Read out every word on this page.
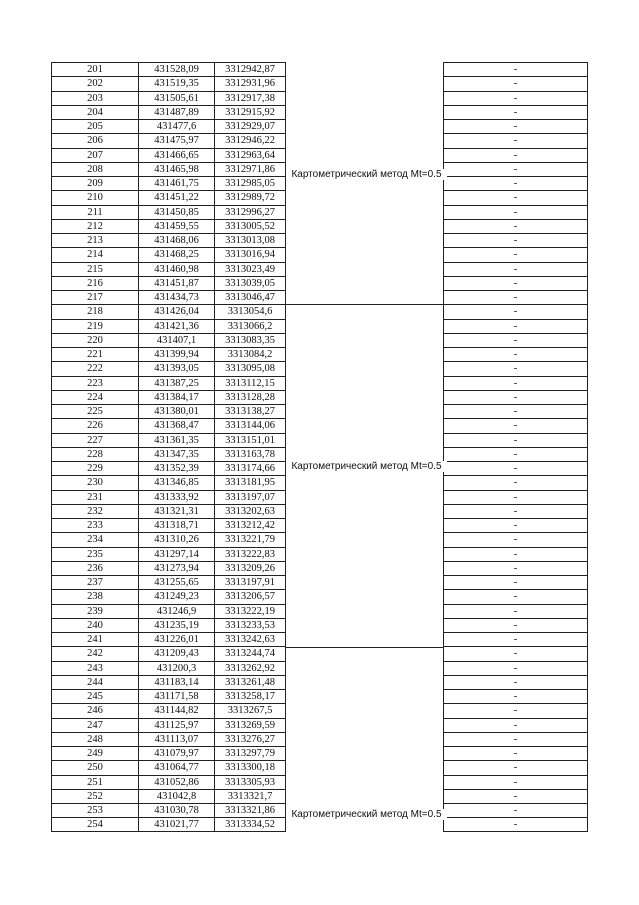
201	431528,09	3312942,87	-
202	431519,35	3312931,96	-
203	431505,61	3312917,38	-
204	431487,89	3312915,92	-
205	431477,6	3312929,07	-
206	431475,97	3312946,22	-
207	431466,65	3312963,64	-
208	431465,98	3312971,86	-
209	431461,75	3312985,05	-
210	431451,22	3312989,72	-
211	431450,85	3312996,27	-
212	431459,55	3313005,52	-
213	431468,06	3313013,08	-
214	431468,25	3313016,94	-
215	431460,98	3313023,49	-
216	431451,87	3313039,05	-
217	431434,73	3313046,47	-
218	431426,04	3313054,6	-
219	431421,36	3313066,2	-
220	431407,1	3313083,35	-
221	431399,94	3313084,2	-
222	431393,05	3313095,08	-
223	431387,25	3313112,15	-
224	431384,17	3313128,28	-
225	431380,01	3313138,27	-
226	431368,47	3313144,06	-
227	431361,35	3313151,01	-
228	431347,35	3313163,78	-
229	431352,39	3313174,66	-
230	431346,85	3313181,95	-
231	431333,92	3313197,07	-
232	431321,31	3313202,63	-
233	431318,71	3313212,42	-
234	431310,26	3313221,79	-
235	431297,14	3313222,83	-
236	431273,94	3313209,26	-
237	431255,65	3313197,91	-
238	431249,23	3313206,57	-
239	431246,9	3313222,19	-
240	431235,19	3313233,53	-
241	431226,01	3313242,63	-
242	431209,43	3313244,74	-
243	431200,3	3313262,92	-
244	431183,14	3313261,48	-
245	431171,58	3313258,17	-
246	431144,82	3313267,5	-
247	431125,97	3313269,59	-
248	431113,07	3313276,27	-
249	431079,97	3313297,79	-
250	431064,77	3313300,18	-
251	431052,86	3313305,93	-
252	431042,8	3313321,7	-
253	431030,78	3313321,86	-
254	431021,77	3313334,52	-
Картометрический метод Mt=0.5
Картометрический метод Mt=0.5
Картометрический метод Mt=0.5
